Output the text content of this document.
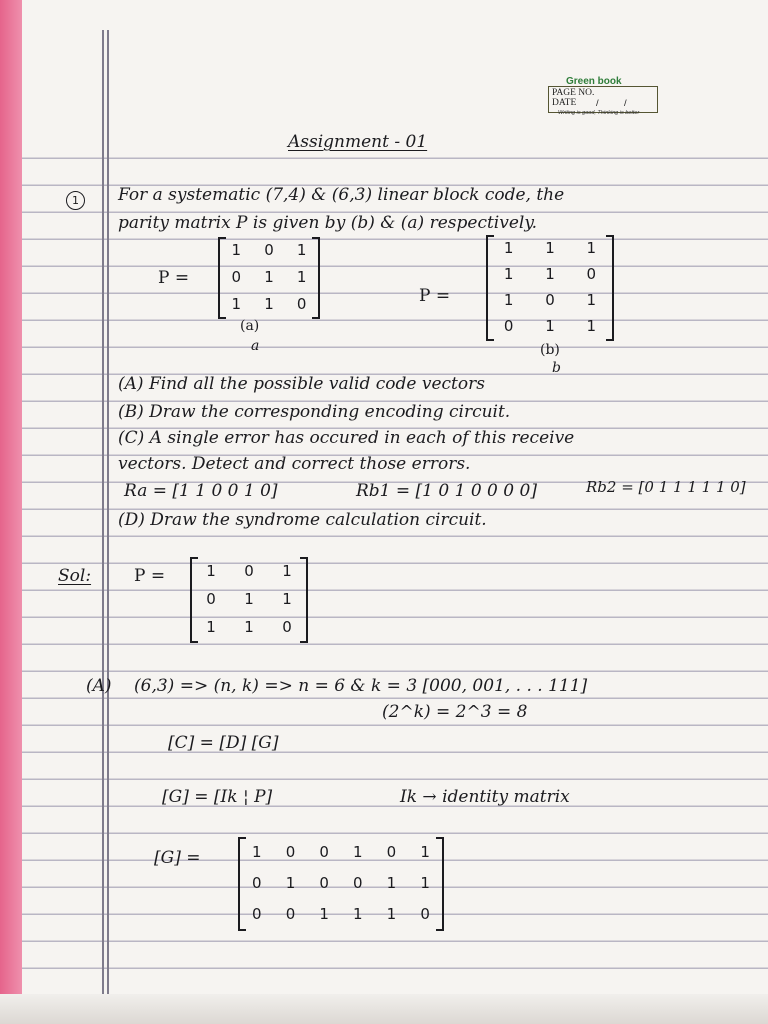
Green book
PAGE NO.
DATE /	/
Writing is good, Thinking is better
Assignment - 01
1	For a systematic (7,4) & (6,3) linear block code, the
parity matrix P is given by (b) & (a) respectively.
P =
1 0 1
0 1 1
1 1 0
(a)
a
P =
1 1 1
1 1 0
1 0 1
0 1 1
(b)
b
(A) Find all the possible valid code vectors
(B) Draw the corresponding encoding circuit.
(C) A single error has occured in each of this receive
vectors. Detect and correct those errors.
Ra = [1 1 0 0 1 0]	Rb1 = [1 0 1 0 0 0 0]	Rb2 = [0 1 1 1 1 1 0]
(D) Draw the syndrome calculation circuit.
Sol:	P =	1 0 1
0 1 1
1 1 0
(A) (6,3) => (n, k) => n = 6 & k = 3 [000, 001, . . . 111]
(2^k) = 2^3 = 8
[C] = [D] [G]
[G] = [Ik ¦ P]	Ik → identity matrix
[G] =	1 0 0 1 0 1
0 1 0 0 1 1
0 0 1 1 1 0
